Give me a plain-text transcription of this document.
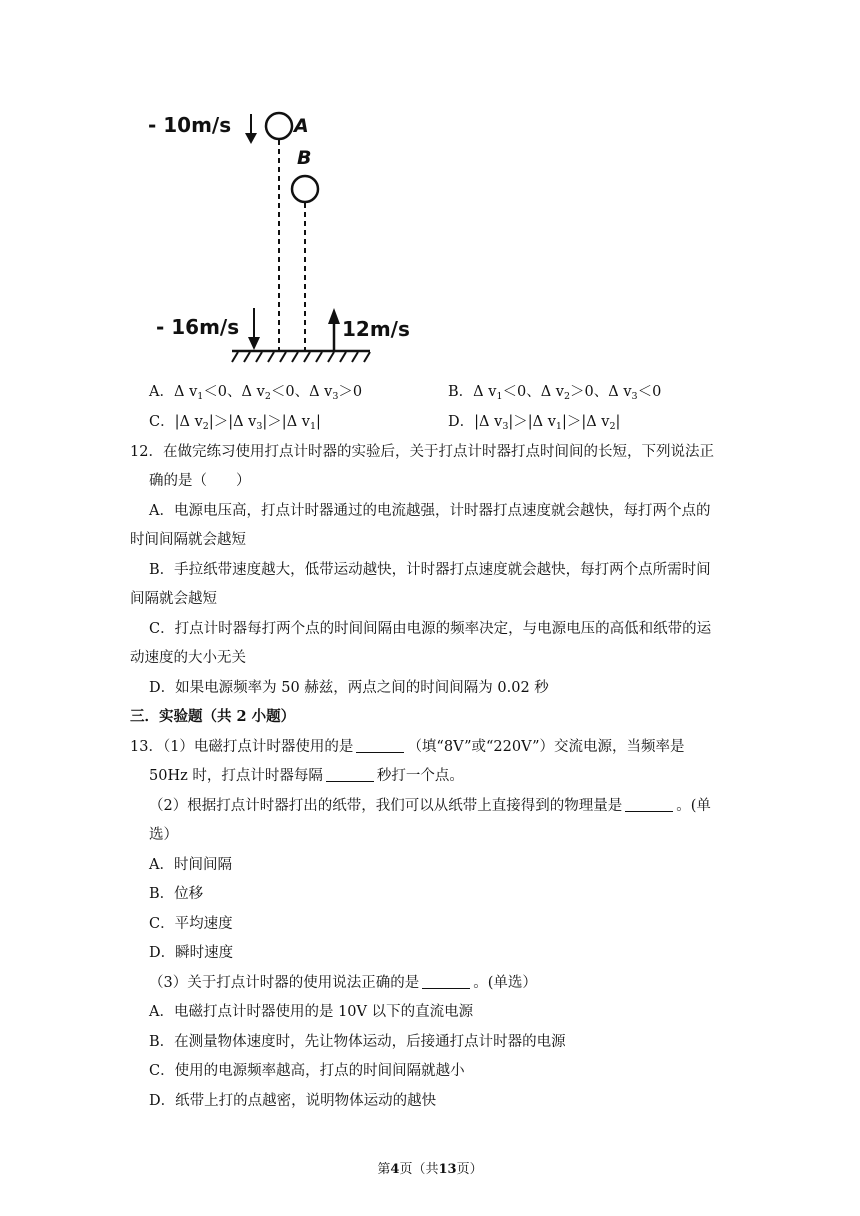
- 10m/s	A
B
- 16m/s	12m/s
A．Δ $v_1<0$、Δ $v_2<0$、Δ $v_3>0$	B．Δ $v_1<0$、Δ $v_2>0$、Δ $v_3<0$
C．|Δ $v_2|>|\Delta$ $v_3|>|\Delta$ $v_1|$	D．|Δ $v_3|>|\Delta$ $v_1|>|\Delta$ $v_2|$
12．在做完练习使用打点计时器的实验后，关于打点计时器打点时间间的长短，下列说法正
确的是（　　）
A．电源电压高，打点计时器通过的电流越强，计时器打点速度就会越快，每打两个点的
时间间隔就会越短
B．手拉纸带速度越大，低带运动越快，计时器打点速度就会越快，每打两个点所需时间
间隔就会越短
C．打点计时器每打两个点的时间间隔由电源的频率决定，与电源电压的高低和纸带的运
动速度的大小无关
D．如果电源频率为 50 赫兹，两点之间的时间间隔为 0.02 秒
三．实验题（共 2 小题）
13．（1）电磁打点计时器使用的是	（填“8V”或“220V”）交流电源，当频率是
50Hz 时，打点计时器每隔	秒打一个点。
（2）根据打点计时器打出的纸带，我们可以从纸带上直接得到的物理量是	。(单
选）
A．时间间隔
B．位移
C．平均速度
D．瞬时速度
（3）关于打点计时器的使用说法正确的是	。(单选）
A．电磁打点计时器使用的是 10V 以下的直流电源
B．在测量物体速度时，先让物体运动，后接通打点计时器的电源
C．使用的电源频率越高，打点的时间间隔就越小
D．纸带上打的点越密，说明物体运动的越快
第4页（共13页）
